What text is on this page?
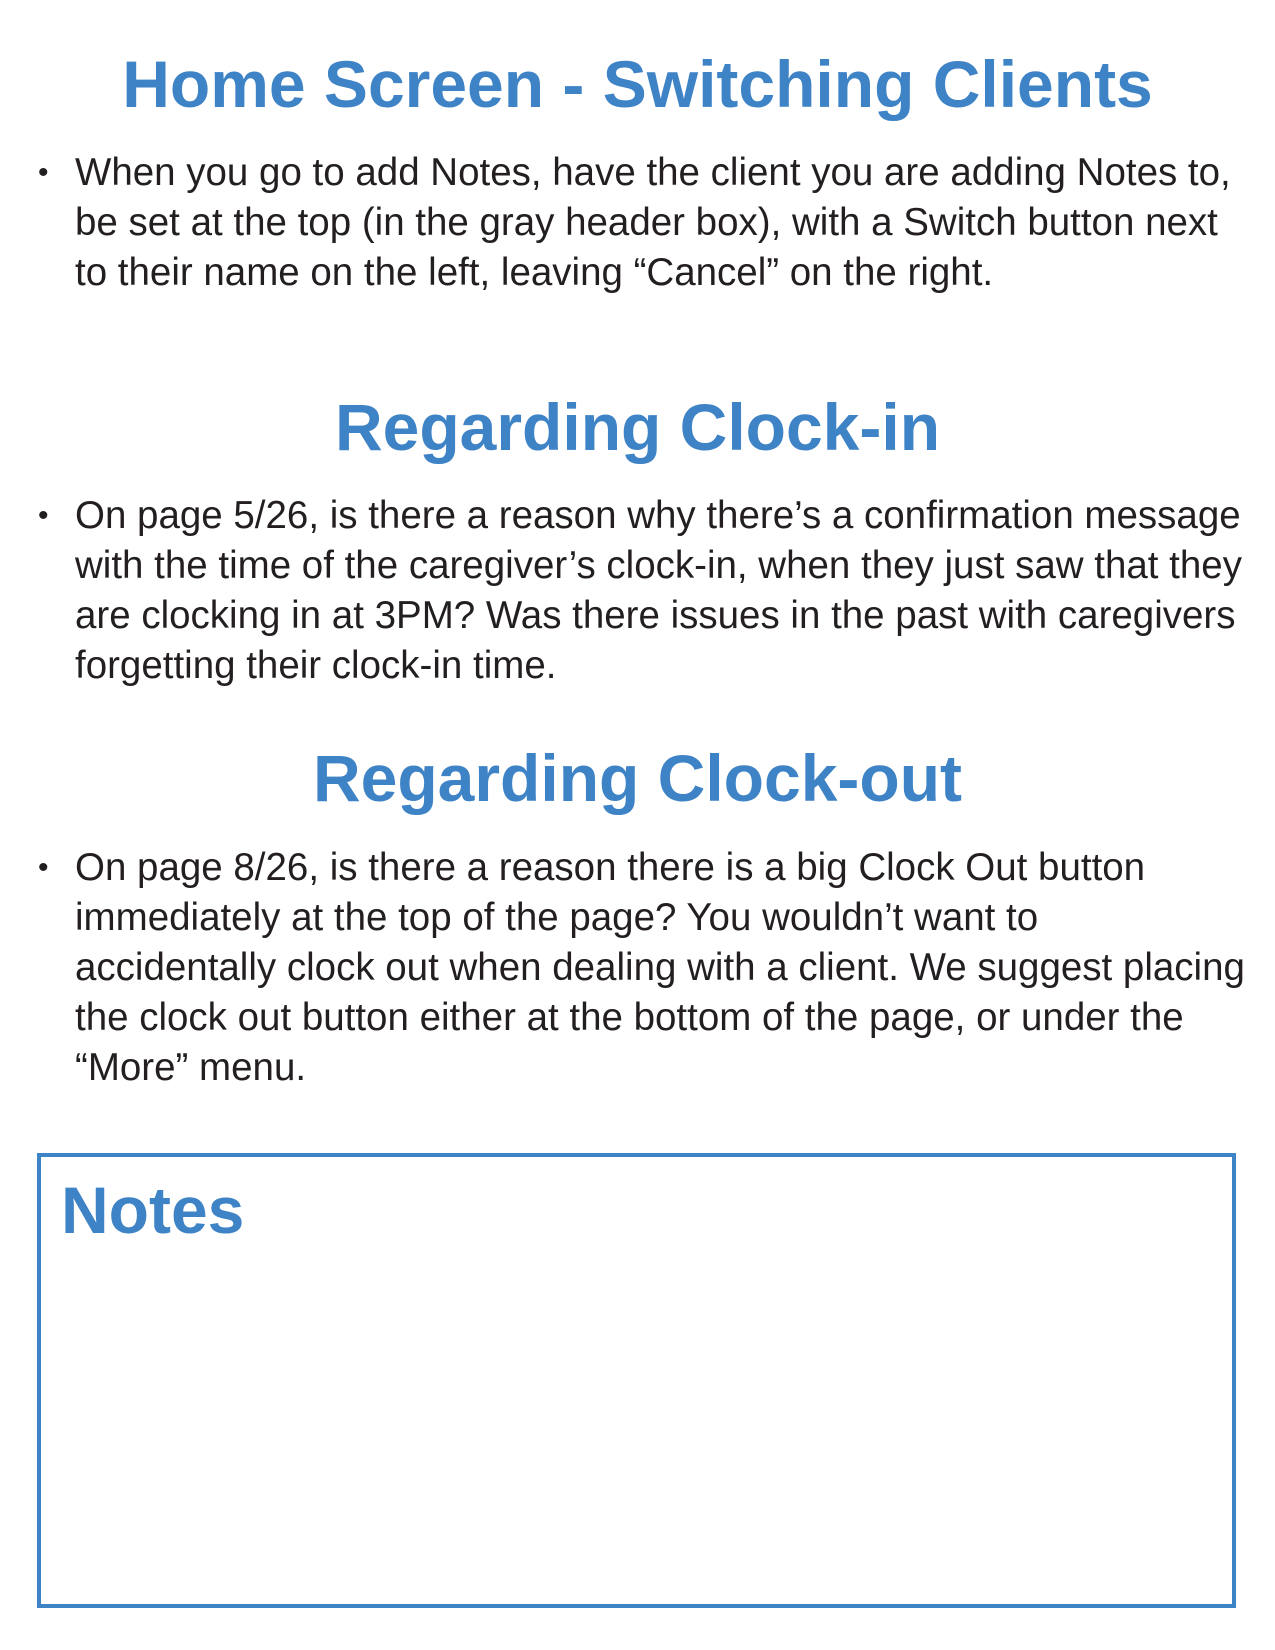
Home Screen - Switching Clients
• When you go to add Notes, have the client you are adding Notes to, be set at the top (in the gray header box), with a Switch button next to their name on the left, leaving “Cancel” on the right.

Regarding Clock-in
• On page 5/26, is there a reason why there’s a confirmation message with the time of the caregiver’s clock-in, when they just saw that they are clocking in at 3PM? Was there issues in the past with caregivers forgetting their clock-in time.

Regarding Clock-out
• On page 8/26, is there a reason there is a big Clock Out button immediately at the top of the page? You wouldn’t want to accidentally clock out when dealing with a client. We suggest placing the clock out button either at the bottom of the page, or under the “More” menu.

Notes
